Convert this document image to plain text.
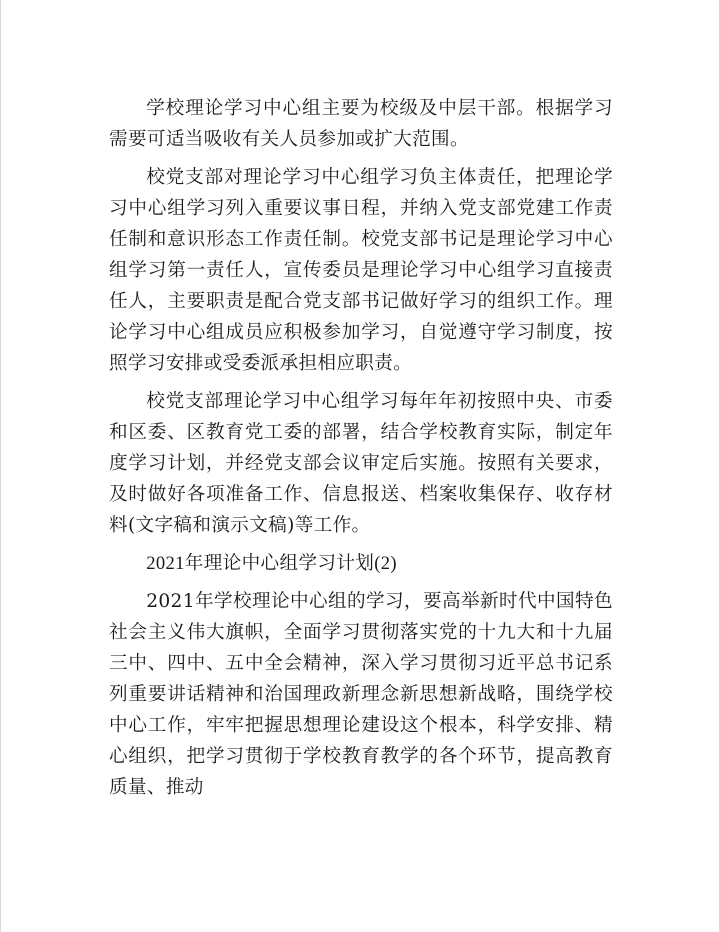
学校理论学习中心组主要为校级及中层干部。根据学习需要可适当吸收有关人员参加或扩大范围。

校党支部对理论学习中心组学习负主体责任，把理论学习中心组学习列入重要议事日程，并纳入党支部党建工作责任制和意识形态工作责任制。校党支部书记是理论学习中心组学习第一责任人，宣传委员是理论学习中心组学习直接责任人，主要职责是配合党支部书记做好学习的组织工作。理论学习中心组成员应积极参加学习，自觉遵守学习制度，按照学习安排或受委派承担相应职责。

校党支部理论学习中心组学习每年年初按照中央、市委和区委、区教育党工委的部署，结合学校教育实际，制定年度学习计划，并经党支部会议审定后实施。按照有关要求，及时做好各项准备工作、信息报送、档案收集保存、收存材料(文字稿和演示文稿)等工作。

2021年理论中心组学习计划(2)

2021年学校理论中心组的学习，要高举新时代中国特色社会主义伟大旗帜，全面学习贯彻落实党的十九大和十九届三中、四中、五中全会精神，深入学习贯彻习近平总书记系列重要讲话精神和治国理政新理念新思想新战略，围绕学校中心工作，牢牢把握思想理论建设这个根本，科学安排、精心组织，把学习贯彻于学校教育教学的各个环节，提高教育质量、推动
